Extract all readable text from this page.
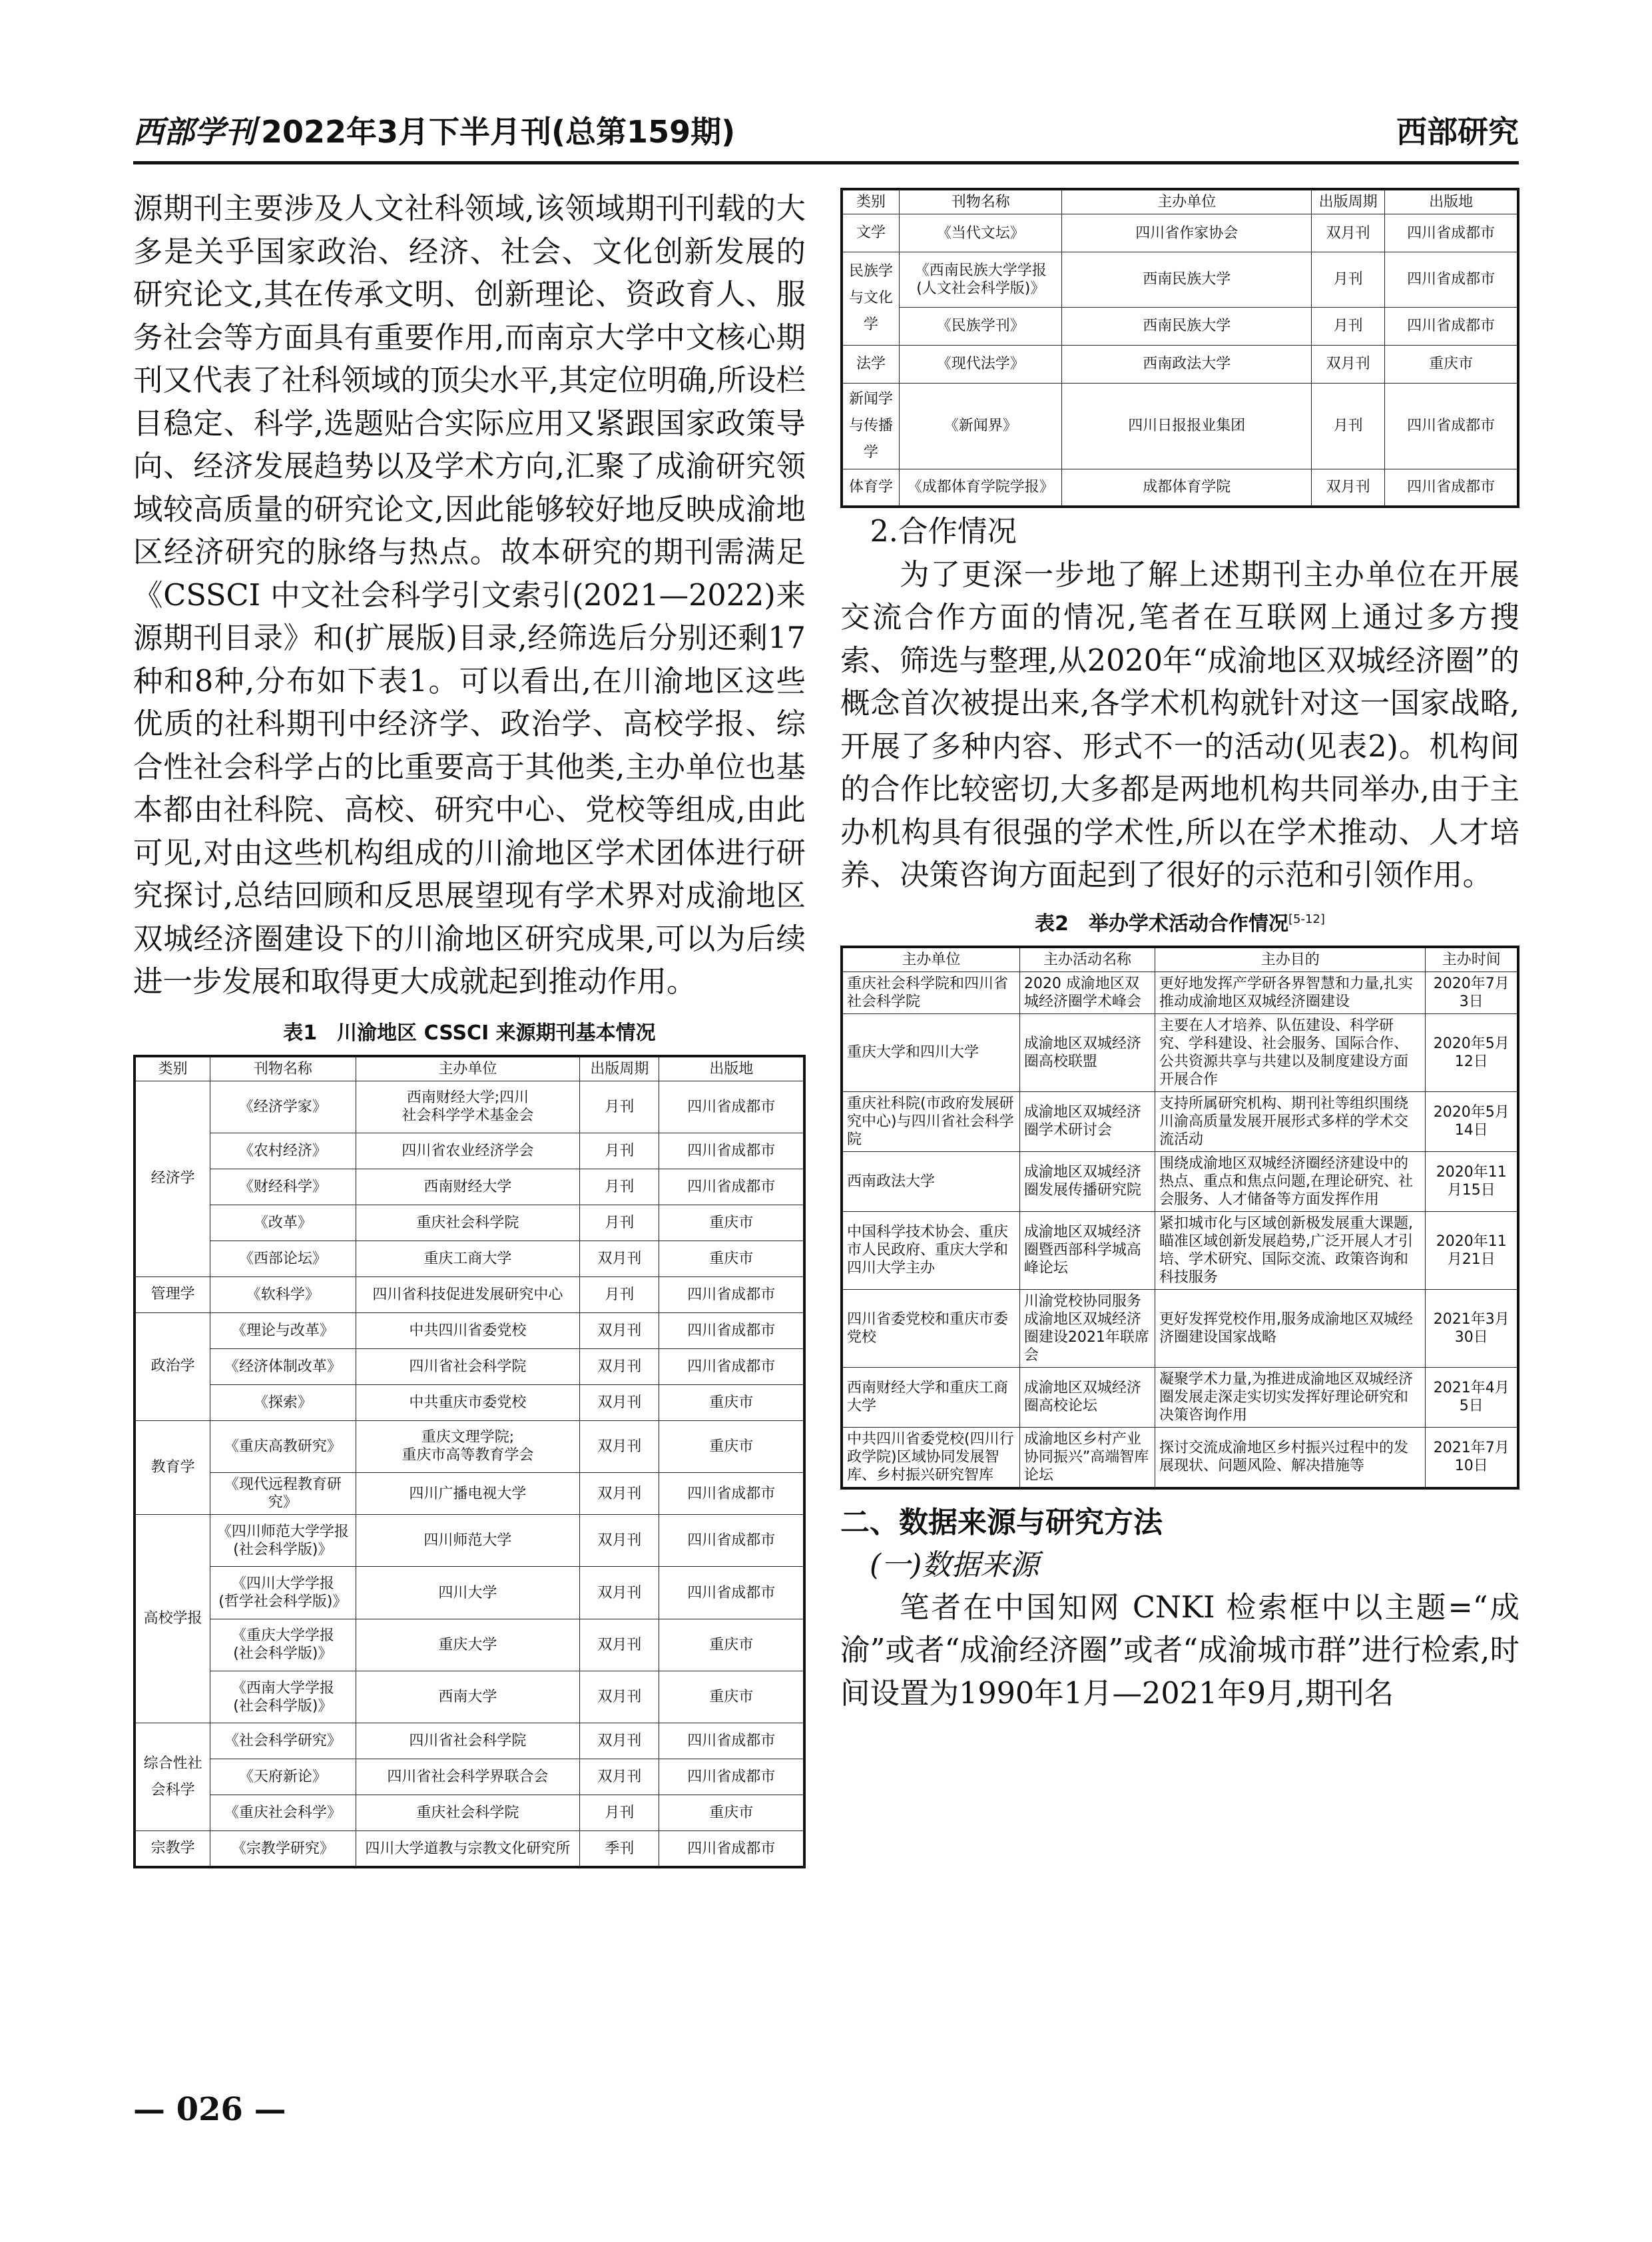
西部学刊 2022年3月下半月刊(总第159期)	西部研究

源期刊主要涉及人文社科领域,该领域期刊刊载的大多是关乎国家政治、经济、社会、文化创新发展的研究论文,其在传承文明、创新理论、资政育人、服务社会等方面具有重要作用,而南京大学中文核心期刊又代表了社科领域的顶尖水平,其定位明确,所设栏目稳定、科学,选题贴合实际应用又紧跟国家政策导向、经济发展趋势以及学术方向,汇聚了成渝研究领域较高质量的研究论文,因此能够较好地反映成渝地区经济研究的脉络与热点。故本研究的期刊需满足《CSSCI 中文社会科学引文索引(2021—2022)来源期刊目录》和(扩展版)目录,经筛选后分别还剩17种和8种,分布如下表1。可以看出,在川渝地区这些优质的社科期刊中经济学、政治学、高校学报、综合性社会科学占的比重要高于其他类,主办单位也基本都由社科院、高校、研究中心、党校等组成,由此可见,对由这些机构组成的川渝地区学术团体进行研究探讨,总结回顾和反思展望现有学术界对成渝地区双城经济圈建设下的川渝地区研究成果,可以为后续进一步发展和取得更大成就起到推动作用。

表1　川渝地区 CSSCI 来源期刊基本情况

类别	刊物名称	主办单位	出版周期	出版地
经济学	《经济学家》	西南财经大学;四川
社会科学学术基金会	月刊	四川省成都市
	《农村经济》	四川省农业经济学会	月刊	四川省成都市
	《财经科学》	西南财经大学	月刊	四川省成都市
	《改革》	重庆社会科学院	月刊	重庆市
	《西部论坛》	重庆工商大学	双月刊	重庆市
管理学	《软科学》	四川省科技促进发展研究中心	月刊	四川省成都市
政治学	《理论与改革》	中共四川省委党校	双月刊	四川省成都市
	《经济体制改革》	四川省社会科学院	双月刊	四川省成都市
	《探索》	中共重庆市委党校	双月刊	重庆市
教育学	《重庆高教研究》	重庆文理学院;
重庆市高等教育学会	双月刊	重庆市
	《现代远程教育研究》	四川广播电视大学	双月刊	四川省成都市
高校学报	《四川师范大学学报
(社会科学版)》	四川师范大学	双月刊	四川省成都市
	《四川大学学报
(哲学社会科学版)》	四川大学	双月刊	四川省成都市
	《重庆大学学报
(社会科学版)》	重庆大学	双月刊	重庆市
	《西南大学学报
(社会科学版)》	西南大学	双月刊	重庆市
综合性社会科学	《社会科学研究》	四川省社会科学院	双月刊	四川省成都市
	《天府新论》	四川省社会科学界联合会	双月刊	四川省成都市
	《重庆社会科学》	重庆社会科学院	月刊	重庆市
宗教学	《宗教学研究》	四川大学道教与宗教文化研究所	季刊	四川省成都市
类别	刊物名称	主办单位	出版周期	出版地
文学	《当代文坛》	四川省作家协会	双月刊	四川省成都市
民族学与文化学	《西南民族大学学报
(人文社会科学版)》	西南民族大学	月刊	四川省成都市
	《民族学刊》	西南民族大学	月刊	四川省成都市
法学	《现代法学》	西南政法大学	双月刊	重庆市
新闻学与传播学	《新闻界》	四川日报报业集团	月刊	四川省成都市
体育学	《成都体育学院学报》	成都体育学院	双月刊	四川省成都市

2.合作情况

为了更深一步地了解上述期刊主办单位在开展交流合作方面的情况,笔者在互联网上通过多方搜索、筛选与整理,从2020年“成渝地区双城经济圈”的概念首次被提出来,各学术机构就针对这一国家战略,开展了多种内容、形式不一的活动(见表2)。机构间的合作比较密切,大多都是两地机构共同举办,由于主办机构具有很强的学术性,所以在学术推动、人才培养、决策咨询方面起到了很好的示范和引领作用。

表2　举办学术活动合作情况[5-12]

主办单位	主办活动名称	主办目的	主办时间
重庆社会科学院和四川省社会科学院	2020 成渝地区双城经济圈学术峰会	更好地发挥产学研各界智慧和力量,扎实推动成渝地区双城经济圈建设	2020年7月3日
重庆大学和四川大学	成渝地区双城经济圈高校联盟	主要在人才培养、队伍建设、科学研究、学科建设、社会服务、国际合作、公共资源共享与共建以及制度建设方面开展合作	2020年5月12日
重庆社科院(市政府发展研究中心)与四川省社会科学院	成渝地区双城经济圈学术研讨会	支持所属研究机构、期刊社等组织围绕川渝高质量发展开展形式多样的学术交流活动	2020年5月14日
西南政法大学	成渝地区双城经济圈发展传播研究院	围绕成渝地区双城经济圈经济建设中的热点、重点和焦点问题,在理论研究、社会服务、人才储备等方面发挥作用	2020年11月15日
中国科学技术协会、重庆市人民政府、重庆大学和四川大学主办	成渝地区双城经济圈暨西部科学城高峰论坛	紧扣城市化与区域创新极发展重大课题,瞄准区域创新发展趋势,广泛开展人才引培、学术研究、国际交流、政策咨询和科技服务	2020年11月21日
四川省委党校和重庆市委党校	川渝党校协同服务成渝地区双城经济圈建设2021年联席会	更好发挥党校作用,服务成渝地区双城经济圈建设国家战略	2021年3月30日
西南财经大学和重庆工商大学	成渝地区双城经济圈高校论坛	凝聚学术力量,为推进成渝地区双城经济圈发展走深走实切实发挥好理论研究和决策咨询作用	2021年4月5日
中共四川省委党校(四川行政学院)区域协同发展智库、乡村振兴研究智库	成渝地区乡村产业协同振兴”高端智库论坛	探讨交流成渝地区乡村振兴过程中的发展现状、问题风险、解决措施等	2021年7月10日

二、数据来源与研究方法

(一)数据来源

笔者在中国知网 CNKI 检索框中以主题=“成渝”或者“成渝经济圈”或者“成渝城市群”进行检索,时间设置为1990年1月—2021年9月,期刊名

— 026 —
